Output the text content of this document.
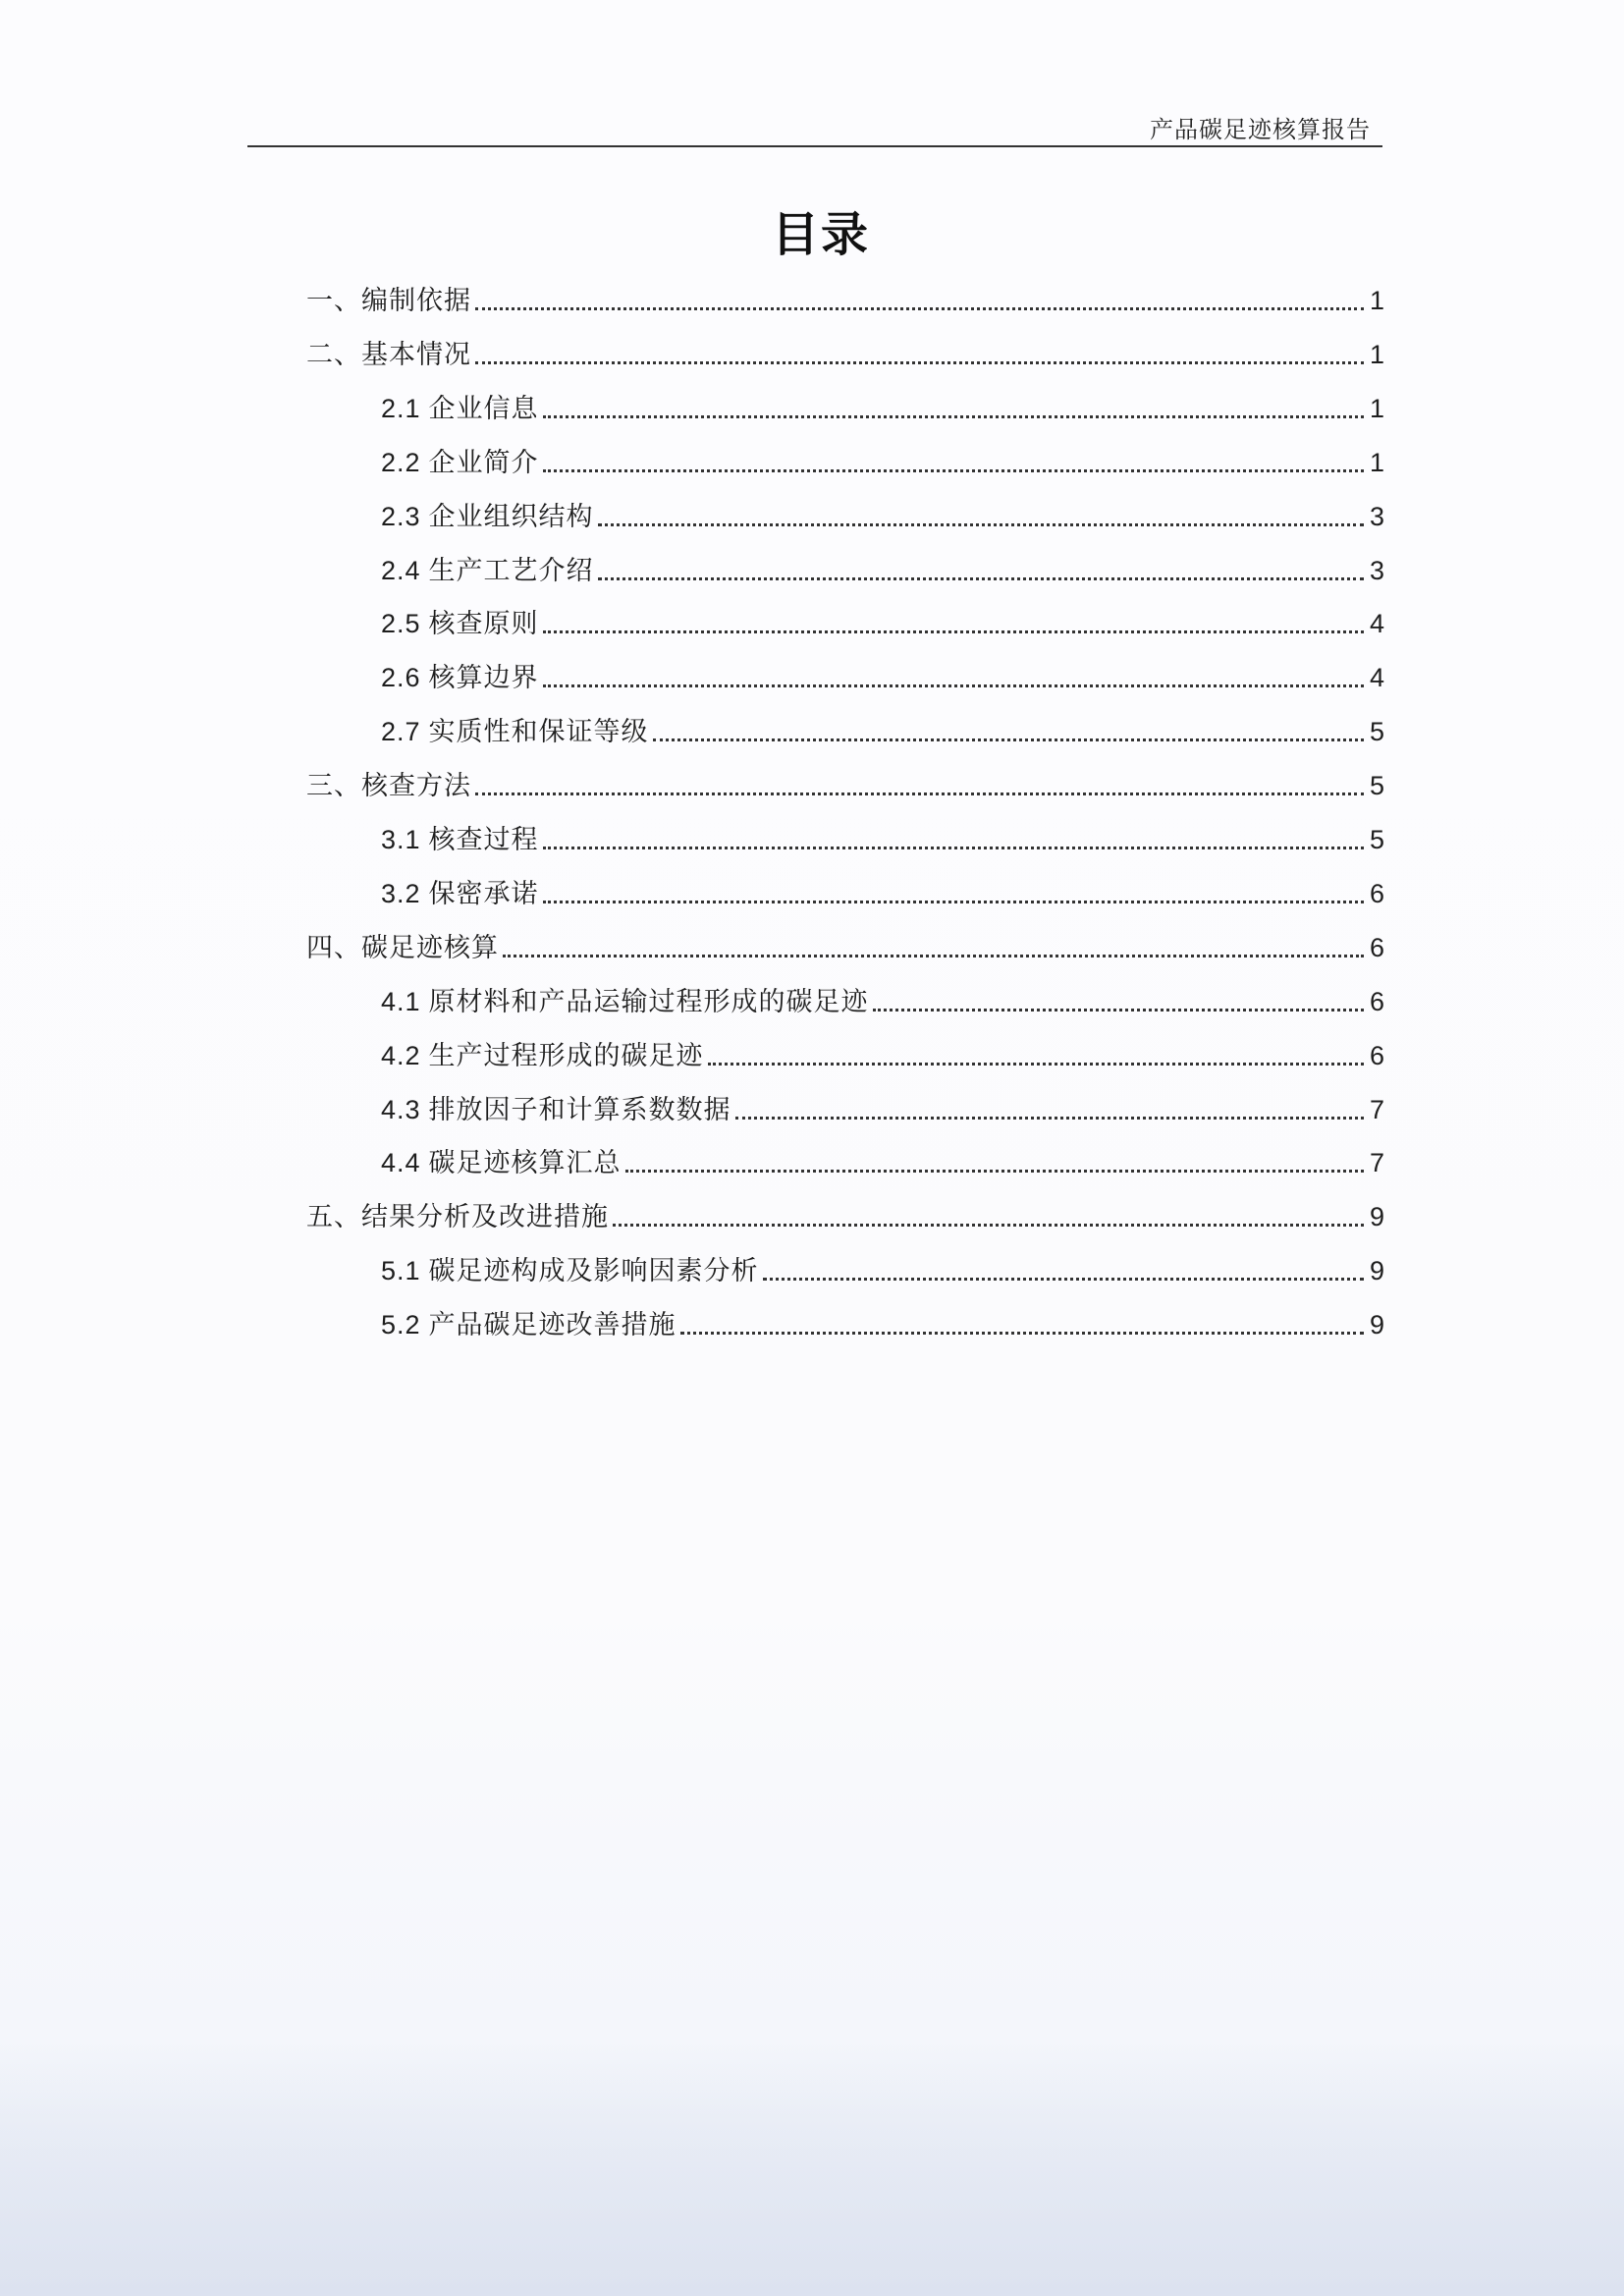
产品碳足迹核算报告
目录
一、编制依据	1
二、基本情况	1
2.1 企业信息	1
2.2 企业简介	1
2.3 企业组织结构	3
2.4 生产工艺介绍	3
2.5 核查原则	4
2.6 核算边界	4
2.7 实质性和保证等级	5
三、核查方法	5
3.1 核查过程	5
3.2 保密承诺	6
四、碳足迹核算	6
4.1 原材料和产品运输过程形成的碳足迹	6
4.2 生产过程形成的碳足迹	6
4.3 排放因子和计算系数数据	7
4.4 碳足迹核算汇总	7
五、结果分析及改进措施	9
5.1 碳足迹构成及影响因素分析	9
5.2 产品碳足迹改善措施	9
